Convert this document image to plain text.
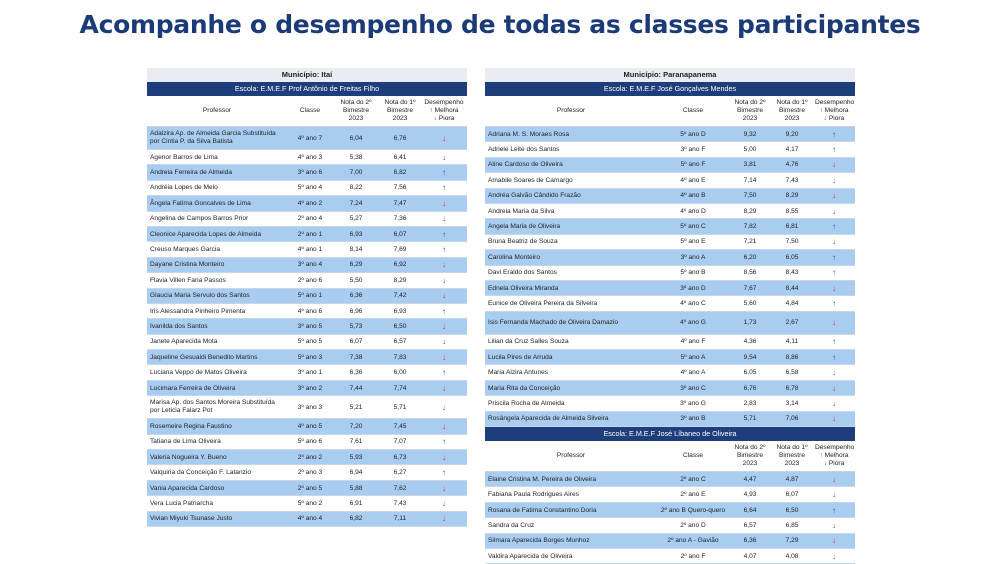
Acompanhe o desempenho de todas as classes participantes
Município: Itaí
Escola: E.M.E.F Prof Antônio de Freitas Filho
Professor	Classe	Nota do 2º Bimestre 2023	Nota do 1º Bimestre 2023	Desempenho
↑ Melhora
↓ Piora

Adalzira Ap. de Almeida Garcia Substituída por Cintia P. da Silva Batista	4º ano 7	6,04	6,76	↓
Agenor Barros de Lima	4º ano 3	5,38	6,41	↓
Andreia Ferreira de Almeida	3º ano 6	7,00	6,82	↑
Andréia Lopes de Melo	5º ano 4	8,22	7,56	↑
Ângela Fatima Goncalves de Lima	4º ano 2	7,24	7,47	↓
Angelina de Campos Barros Prior	2º ano 4	5,27	7,36	↓
Cleonice Aparecida Lopes de Almeida	2º ano 1	6,93	6,07	↑
Creuso Marques Garcia	4º ano 1	8,14	7,69	↑
Dayane Cristina Monteiro	3º ano 4	6,29	6,92	↓
Flavia Villen Faria Passos	2º ano 6	5,50	8,29	↓
Glaucia Maria Servulo dos Santos	5º ano 1	6,36	7,42	↓
Iris Alessandra Pinheiro Pimenta	4º ano 6	6,96	6,93	↑
Ivanilda dos Santos	3º ano 5	5,73	6,50	↓
Janete Aparecida Mota	5º ano 5	6,07	6,57	↓
Jaqueline Gesualdi Benedito Martins	5º ano 3	7,38	7,83	↓
Luciana Veppo de Matos Oliveira	3º ano 1	6,36	6,00	↑
Lucimara Ferreira de Oliveira	3º ano 2	7,44	7,74	↓
Marisa Ap. dos Santos Moreira Substituída por Leticia Falarz Pot	3º ano 3	5,21	5,71	↓
Rosemeire Regina Faustino	4º ano 5	7,20	7,45	↓
Tatiana de Lima Oliveira	5º ano 6	7,61	7,07	↑
Valeria Nogueira Y. Bueno	2º ano 2	5,93	6,73	↓
Valquiria da Conceição F. Latanzio	2º ano 3	6,94	6,27	↑
Vania Aparecida Cardoso	2º ano 5	5,88	7,62	↓
Vera Lucia Patriarcha	5º ano 2	6,91	7,43	↓
Vivian Miyuki Tsunase Justo	4º ano 4	6,82	7,11	↓
Município: Paranapanema
Escola: E.M.E.F José Gonçalves Mendes
Professor	Classe	Nota do 2º Bimestre 2023	Nota do 1º Bimestre 2023	Desempenho
↑ Melhora
↓ Piora

Adriana M. S. Moraes Rosa	5º ano D	9,32	9,20	↑
Adriele Leite dos Santos	3º ano F	5,00	4,17	↑
Aline Cardoso de Oliveira	5º ano F	3,81	4,76	↓
Amabile Soares de Camargo	4º ano E	7,14	7,43	↓
Andréa Galvão Cândido Frazão	4º ano B	7,50	8,29	↓
Andreia Maria da Silva	4º ano D	8,29	8,55	↓
Angela Maria de Oliveira	5º ano C	7,82	6,81	↑
Bruna Beatriz de Souza	5º ano E	7,21	7,50	↓
Carolina Monteiro	3º ano A	6,20	6,05	↑
Davi Eraldo dos Santos	5º ano B	8,56	8,43	↑
Ednela Oliveira Miranda	3º ano D	7,67	8,44	↓
Eunice de Oliveira Pereira da Silveira	4º ano C	5,60	4,84	↑
Isis Fernanda Machado de Oliveira Damazio	4º ano G	1,73	2,67	↓
Lilian da Cruz Salles Souza	4º ano F	4,36	4,11	↑
Lucila Pires de Arruda	5º ano A	9,54	8,86	↑
Maria Alzira Antunes	4º ano A	6,05	6,58	↓
Maria Rita da Conceição	3º ano C	6,76	6,78	↓
Priscila Rocha de Almeida	3º ano G	2,83	3,14	↓
Rosângela Aparecida de Almeida Silveira	3º ano B	5,71	7,06	↓
Escola: E.M.E.F José Líbaneo de Oliveira
Professor	Classe	Nota do 2º Bimestre 2023	Nota do 1º Bimestre 2023	Desempenho
↑ Melhora
↓ Piora

Elaine Cristina M. Pereira de Oliveira	2º ano C	4,47	4,87	↓
Fabiana Paula Rodrigues Aires	2º ano E	4,93	6,07	↓
Rosana de Fatima Constantino Doria	2º ano B Quero-quero	6,64	6,50	↑
Sandra da Cruz	2º ano D	6,57	6,85	↓
Silmara Aparecida Borges Munhoz	2º ano A - Gavião	6,36	7,29	↓
Valdira Aparecida de Oliveira	2º ano F	4,07	4,08	↓
